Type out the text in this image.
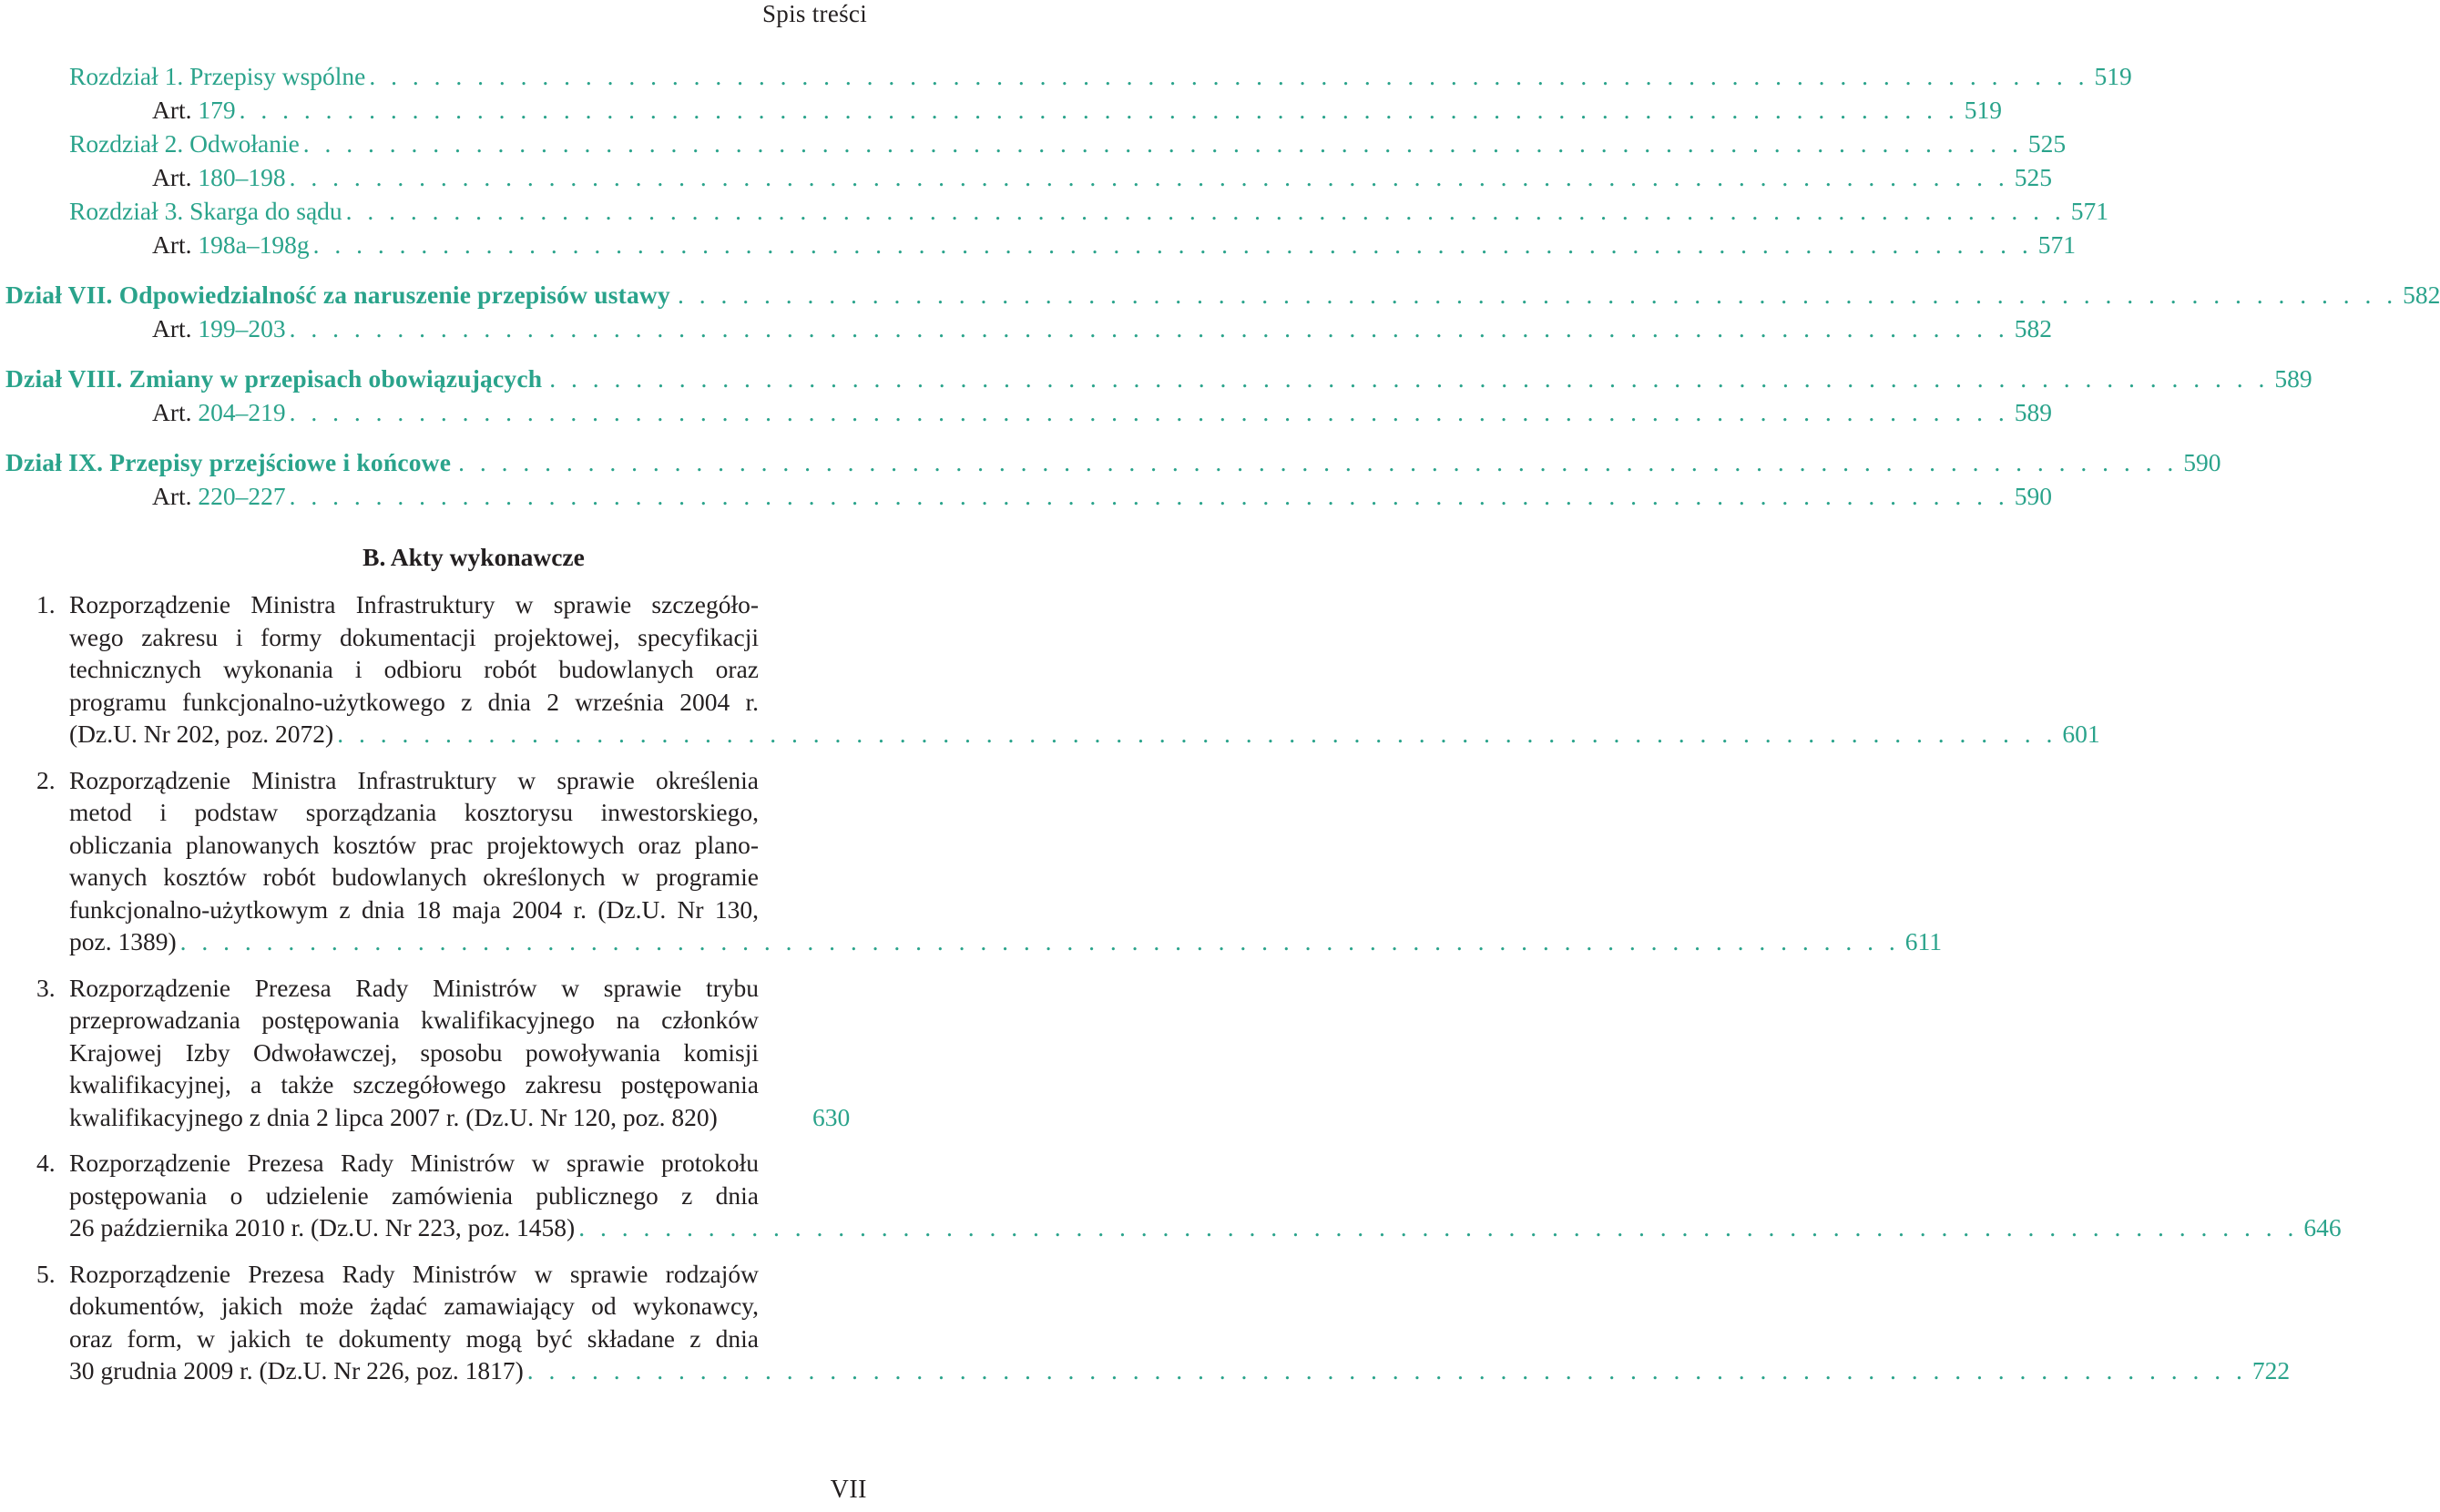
Spis treści
Rozdział 1. Przepisy wspólne . . . . . . . . . . . . . . . . . . . . . . . . . . . . . . . . . . . . . . . . . . . . . . . . . . . . . . . . . . . . . . . . . . . . . . . . . . . . . . . . 519
Art. 179 . . . . . . . . . . . . . . . . . . . . . . . . . . . . . . . . . . . . . . . . . . . . . . . . . . . . . . . . . . . . . . . . . . . . . . . . . . . . . . . . 519
Rozdział 2. Odwołanie . . . . . . . . . . . . . . . . . . . . . . . . . . . . . . . . . . . . . . . . . . . . . . . . . . . . . . . . . . . . . . . . . . . . . . . . . . . . . . . . 525
Art. 180–198 . . . . . . . . . . . . . . . . . . . . . . . . . . . . . . . . . . . . . . . . . . . . . . . . . . . . . . . . . . . . . . . . . . . . . . . . . . . . . . . . 525
Rozdział 3. Skarga do sądu . . . . . . . . . . . . . . . . . . . . . . . . . . . . . . . . . . . . . . . . . . . . . . . . . . . . . . . . . . . . . . . . . . . . . . . . . . . . . . . . 571
Art. 198a–198g . . . . . . . . . . . . . . . . . . . . . . . . . . . . . . . . . . . . . . . . . . . . . . . . . . . . . . . . . . . . . . . . . . . . . . . . . . . . . . . . 571
Dział VII. Odpowiedzialność za naruszenie przepisów ustawy . . . . . . . . . . . . . . . . . . . . . . . . . . . . . . . . . . . . . . . . . . . . . . . . . . . . . . . . . . . . . . . . . . . . . . . . . . . . . . . . 582
Art. 199–203 . . . . . . . . . . . . . . . . . . . . . . . . . . . . . . . . . . . . . . . . . . . . . . . . . . . . . . . . . . . . . . . . . . . . . . . . . . . . . . . . 582
Dział VIII. Zmiany w przepisach obowiązujących . . . . . . . . . . . . . . . . . . . . . . . . . . . . . . . . . . . . . . . . . . . . . . . . . . . . . . . . . . . . . . . . . . . . . . . . . . . . . . . . 589
Art. 204–219 . . . . . . . . . . . . . . . . . . . . . . . . . . . . . . . . . . . . . . . . . . . . . . . . . . . . . . . . . . . . . . . . . . . . . . . . . . . . . . . . 589
Dział IX. Przepisy przejściowe i końcowe . . . . . . . . . . . . . . . . . . . . . . . . . . . . . . . . . . . . . . . . . . . . . . . . . . . . . . . . . . . . . . . . . . . . . . . . . . . . . . . . 590
Art. 220–227 . . . . . . . . . . . . . . . . . . . . . . . . . . . . . . . . . . . . . . . . . . . . . . . . . . . . . . . . . . . . . . . . . . . . . . . . . . . . . . . . 590
B. Akty wykonawcze
1. Rozporządzenie Ministra Infrastruktury w sprawie szczegóło-
wego zakresu i formy dokumentacji projektowej, specyfikacji
technicznych wykonania i odbioru robót budowlanych oraz
programu funkcjonalno-użytkowego z dnia 2 września 2004 r.
(Dz.U. Nr 202, poz. 2072) . . . . . . . . . . . . . . . . . . . . . . . . . . . . . . . . . . . . . . . . . . . . . . . . . . . . . . . . . . . . . . . . . . . . . . . . . . . . . . . . 601
2. Rozporządzenie Ministra Infrastruktury w sprawie określenia
metod i podstaw sporządzania kosztorysu inwestorskiego,
obliczania planowanych kosztów prac projektowych oraz plano-
wanych kosztów robót budowlanych określonych w programie
funkcjonalno-użytkowym z dnia 18 maja 2004 r. (Dz.U. Nr 130,
poz. 1389) . . . . . . . . . . . . . . . . . . . . . . . . . . . . . . . . . . . . . . . . . . . . . . . . . . . . . . . . . . . . . . . . . . . . . . . . . . . . . . . . 611
3. Rozporządzenie Prezesa Rady Ministrów w sprawie trybu
przeprowadzania postępowania kwalifikacyjnego na członków
Krajowej Izby Odwoławczej, sposobu powoływania komisji
kwalifikacyjnej, a także szczegółowego zakresu postępowania
kwalifikacyjnego z dnia 2 lipca 2007 r. (Dz.U. Nr 120, poz. 820)	630
4. Rozporządzenie Prezesa Rady Ministrów w sprawie protokołu
postępowania o udzielenie zamówienia publicznego z dnia
26 października 2010 r. (Dz.U. Nr 223, poz. 1458) . . . . . . . . . . . . . . . . . . . . . . . . . . . . . . . . . . . . . . . . . . . . . . . . . . . . . . . . . . . . . . . . . . . . . . . . . . . . . . . . 646
5. Rozporządzenie Prezesa Rady Ministrów w sprawie rodzajów
dokumentów, jakich może żądać zamawiający od wykonawcy,
oraz form, w jakich te dokumenty mogą być składane z dnia
30 grudnia 2009 r. (Dz.U. Nr 226, poz. 1817) . . . . . . . . . . . . . . . . . . . . . . . . . . . . . . . . . . . . . . . . . . . . . . . . . . . . . . . . . . . . . . . . . . . . . . . . . . . . . . . . 722
VII
